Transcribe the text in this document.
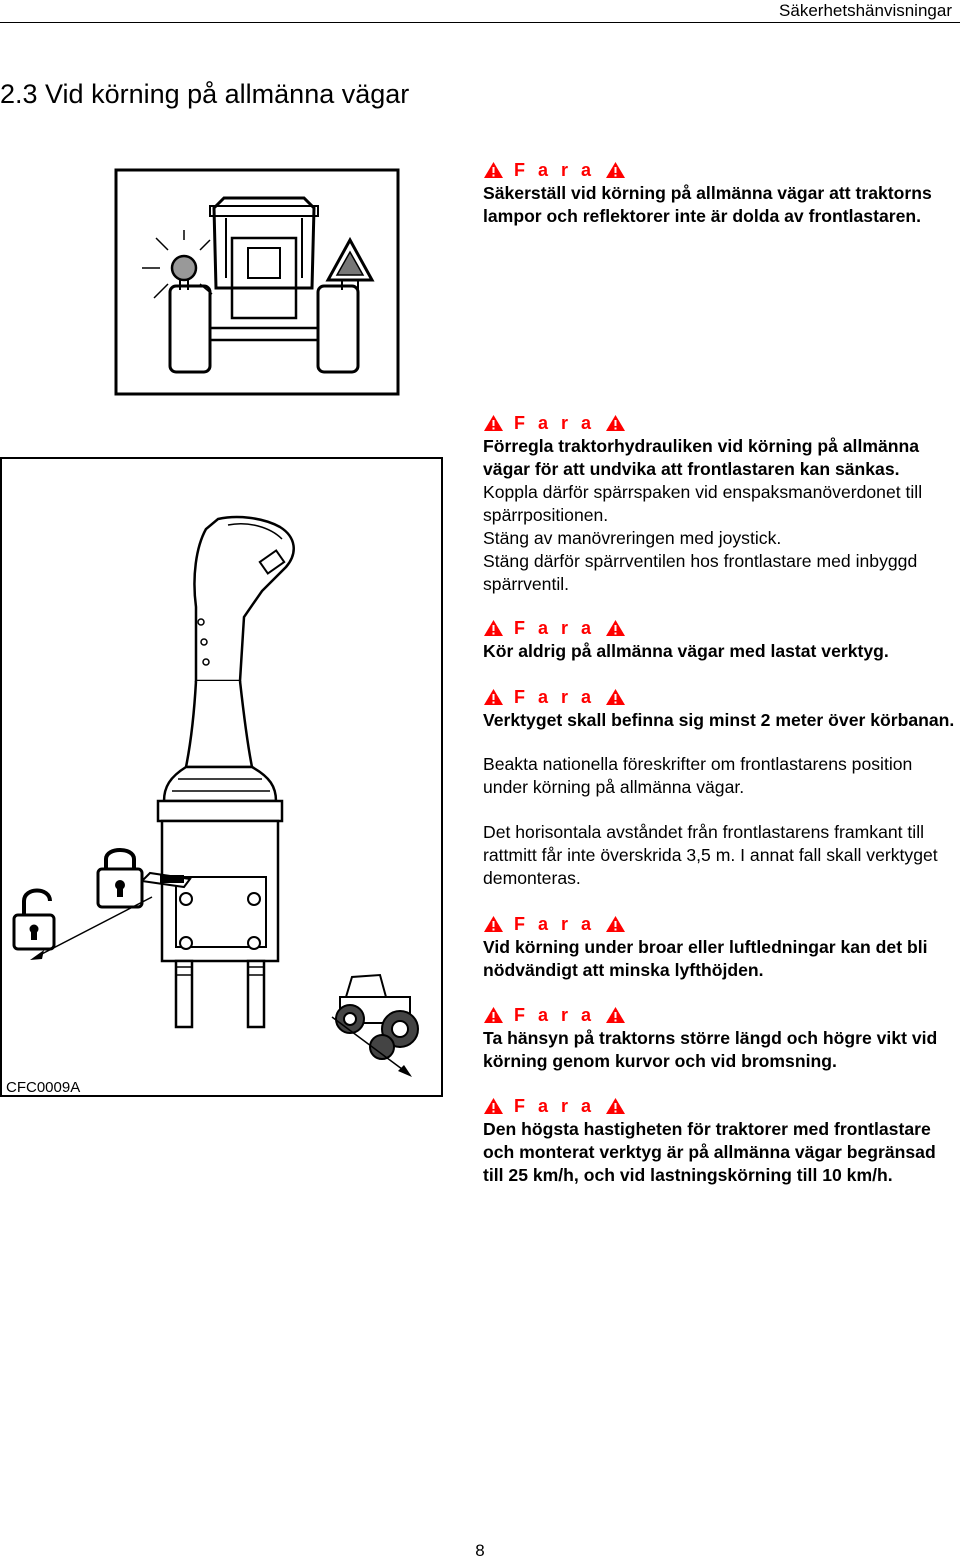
Säkerhetshänvisningar
2.3 Vid körning på allmänna vägar
CFC0009A
F a r a

Säkerställ vid körning på allmänna vägar att traktorns lampor och reflektorer inte är dolda av frontlastaren.

F a r a

Förregla traktorhydrauliken vid körning på allmänna vägar för att undvika att frontlastaren kan sänkas.

Koppla därför spärrspaken vid enspaksmanöverdonet till spärrpositionen.

Stäng av manövreringen med joystick.

Stäng därför spärrventilen hos frontlastare med inbyggd spärrventil.

F a r a

Kör aldrig på allmänna vägar med lastat verktyg.

F a r a

Verktyget skall befinna sig minst 2 meter över körbanan.

Beakta nationella föreskrifter om frontlastarens position under körning på allmänna vägar.

Det horisontala avståndet från frontlastarens framkant till rattmitt får inte överskrida 3,5 m. I annat fall skall verktyget demonteras.

F a r a

Vid körning under broar eller luftledningar kan det bli nödvändigt att minska lyfthöjden.

F a r a

Ta hänsyn på traktorns större längd och högre vikt vid körning genom kurvor och vid bromsning.

F a r a

Den högsta hastigheten för traktorer med frontlastare och monterat verktyg är på allmänna vägar begränsad till 25 km/h, och vid lastningskörning till 10 km/h.

8
